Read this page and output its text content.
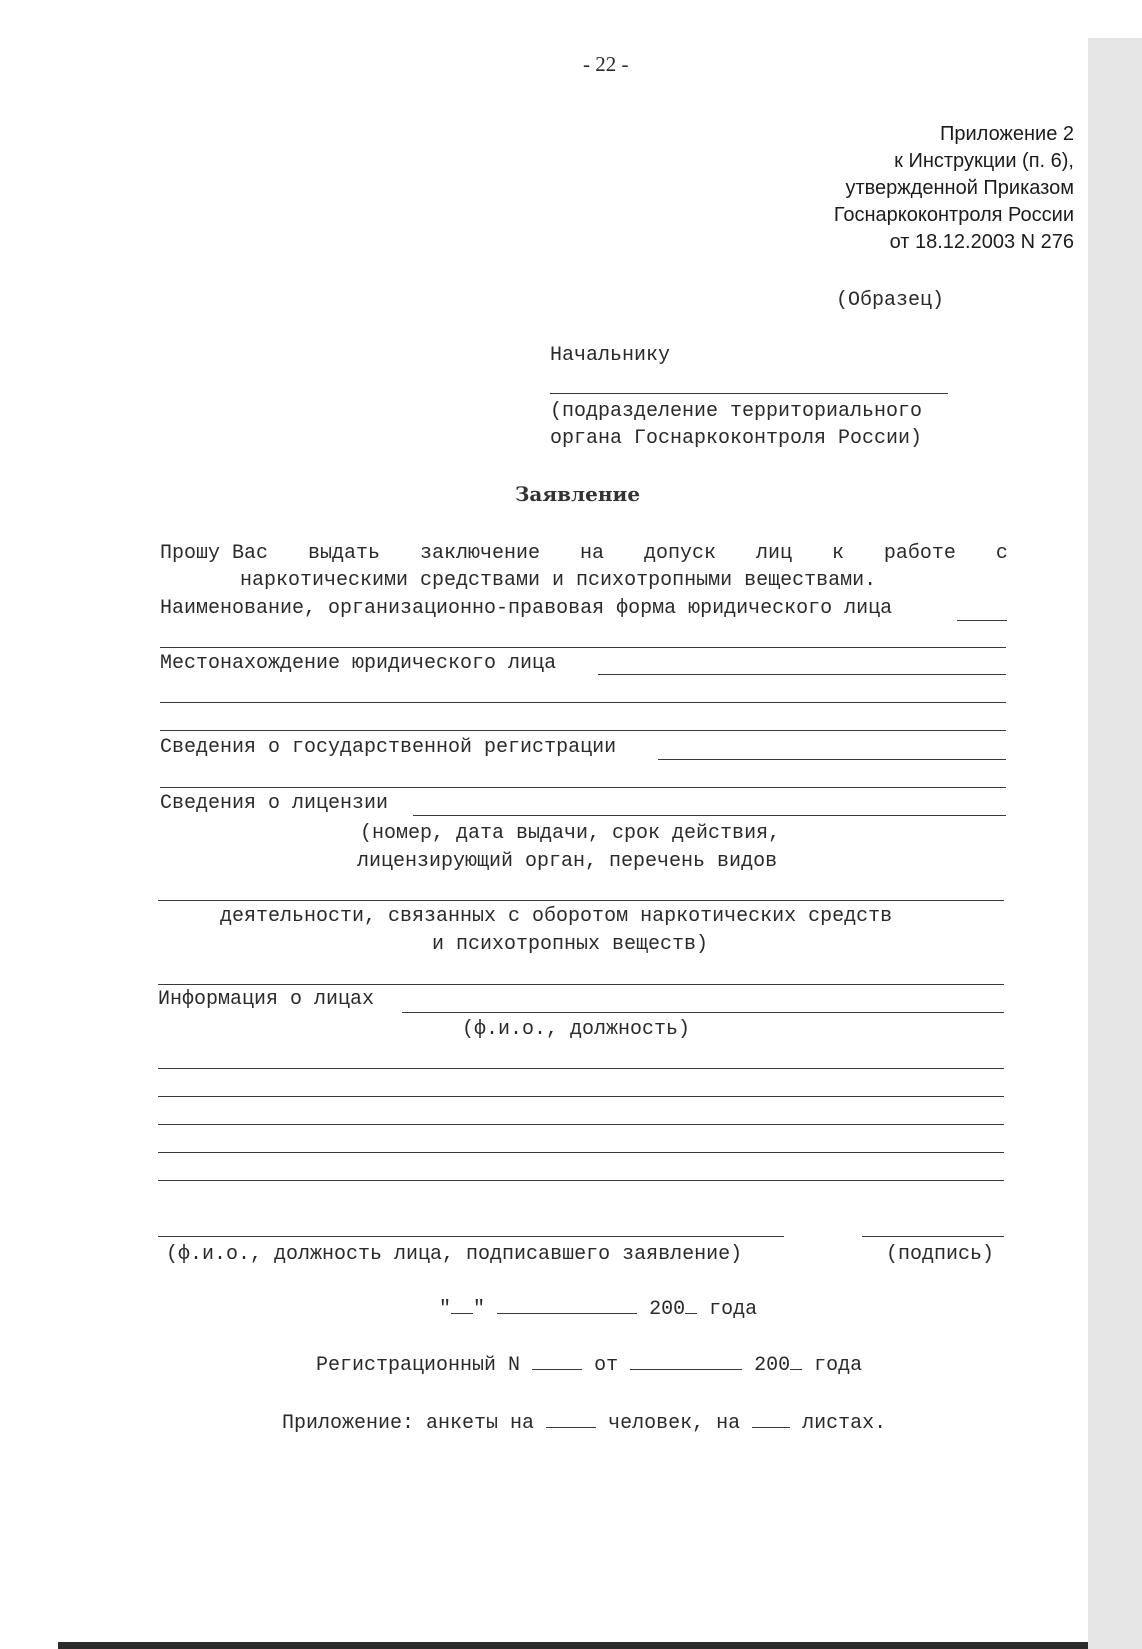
- 22 -
Приложение 2
к Инструкции (п. 6),
утвержденной Приказом
Госнаркоконтроля России
от 18.12.2003 N 276
(Образец)
Начальнику
(подразделение территориального
органа Госнаркоконтроля России)
Заявление
Прошу Вас выдать заключение на допуск лиц к работе с
наркотическими средствами и психотропными веществами.
Наименование, организационно-правовая форма юридического лица
Местонахождение юридического лица
Сведения о государственной регистрации
Сведения о лицензии
(номер, дата выдачи, срок действия,
лицензирующий орган, перечень видов
деятельности, связанных с оборотом наркотических средств
и психотропных веществ)
Информация о лицах
(ф.и.о., должность)
(ф.и.о., должность лица, подписавшего заявление)	(подпись)

" "	200 года

Регистрационный N	от	200 года

Приложение: анкеты на	человек, на	листах.
